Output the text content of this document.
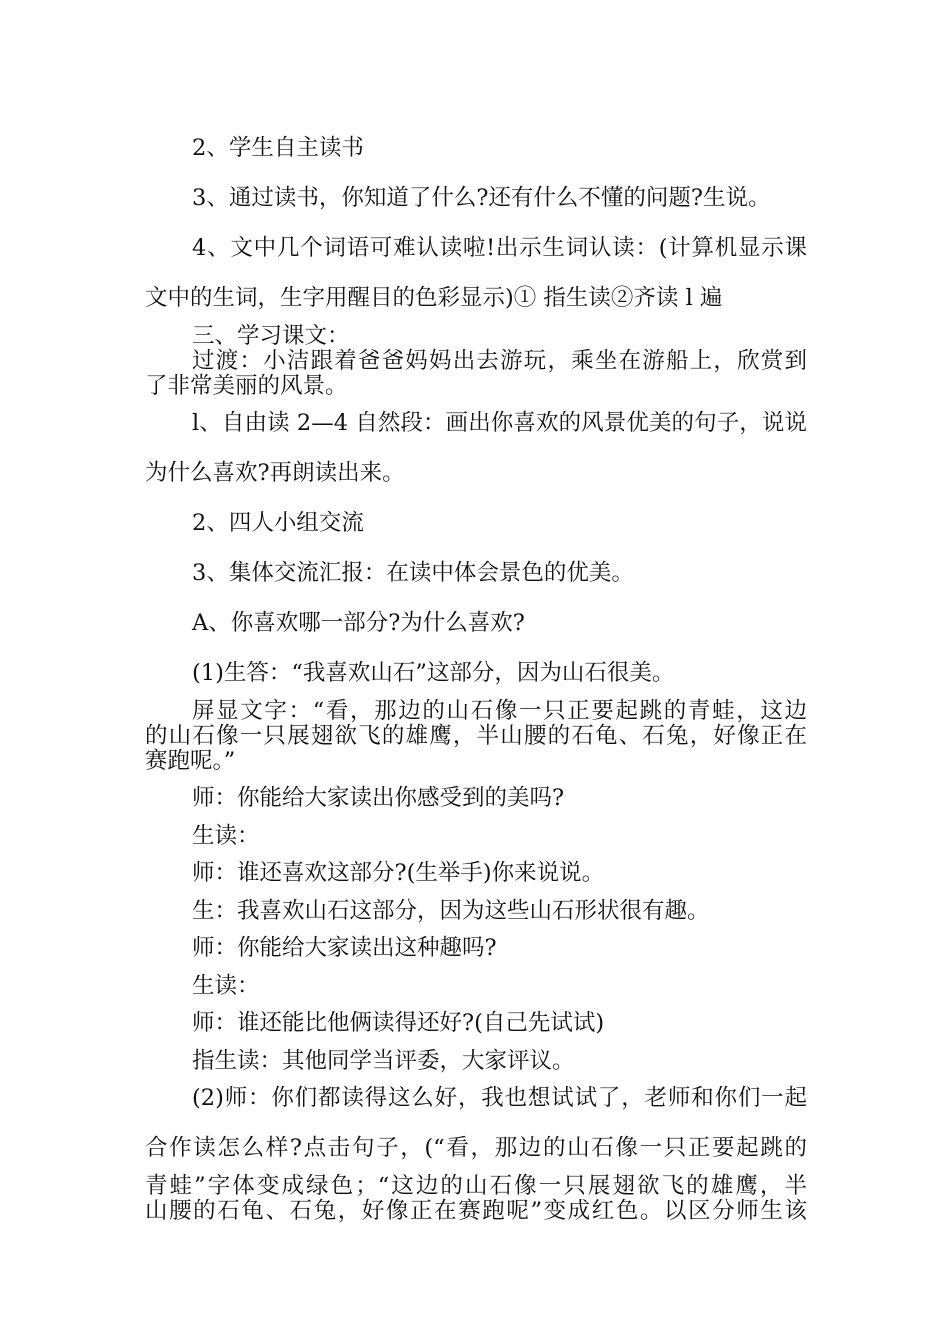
2、学生自主读书

3、通过读书，你知道了什么?还有什么不懂的问题?生说。

4、文中几个词语可难认读啦!出示生词认读：(计算机显示课

文中的生词，生字用醒目的色彩显示)① 指生读②齐读 l 遍

三、学习课文：

过渡：小洁跟着爸爸妈妈出去游玩，乘坐在游船上，欣赏到

了非常美丽的风景。

l、自由读 2—4 自然段：画出你喜欢的风景优美的句子，说说

为什么喜欢?再朗读出来。

2、四人小组交流

3、集体交流汇报：在读中体会景色的优美。

A、你喜欢哪一部分?为什么喜欢?

(1)生答：“我喜欢山石”这部分，因为山石很美。

屏显文字：“看，那边的山石像一只正要起跳的青蛙，这边

的山石像一只展翅欲飞的雄鹰，半山腰的石龟、石兔，好像正在

赛跑呢。”

师：你能给大家读出你感受到的美吗?

生读：

师：谁还喜欢这部分?(生举手)你来说说。

生：我喜欢山石这部分，因为这些山石形状很有趣。

师：你能给大家读出这种趣吗?

生读：

师：谁还能比他俩读得还好?(自己先试试)

指生读：其他同学当评委，大家评议。

(2)师：你们都读得这么好，我也想试试了，老师和你们一起

合作读怎么样?点击句子，(“看，那边的山石像一只正要起跳的

青蛙”字体变成绿色；“这边的山石像一只展翅欲飞的雄鹰，半

山腰的石龟、石兔，好像正在赛跑呢”变成红色。以区分师生该
